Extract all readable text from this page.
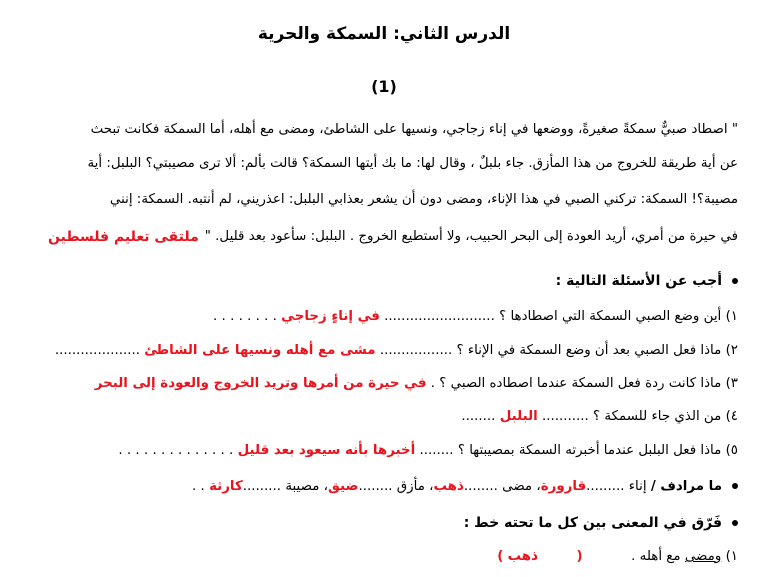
الدرس الثاني: السمكة والحرية
(1)
" اصطاد صبيٌّ سمكةً صغيرةً، ووضعها في إناء زجاجي، ونسيها على الشاطئ، ومضى مع أهله، أما السمكة فكانت تبحث
عن أية طريقة للخروج من هذا المأزق. جاء بلبلٌ ، وقال لها: ما بك أيتها السمكة؟ قالت بألم: ألا ترى مصيبتي؟ البلبل: أية
مصيبة؟! السمكة: تركني الصبي في هذا الإناء، ومضى دون أن يشعر بعذابي البلبل: اعذريني، لم أنتبه. السمكة: إنني
في حيرة من أمري، أريد العودة إلى البحر الحبيب، ولا أستطيع الخروج . البلبل: سأعود بعد قليل. "
ملتقى تعليم فلسطين
أجب عن الأسئلة التالية :
١) أين وضع الصبي السمكة التي اصطادها ؟ .......................... في إناءٍ زجاجي . . . . . . . .
٢) ماذا فعل الصبي بعد أن وضع السمكة في الإناء ؟ ................. مشى مع أهله ونسيها على الشاطئ ....................
٣) ماذا كانت ردة فعل السمكة عندما اصطاده الصبي ؟ . في حيرة من أمرها وتريد الخروج والعودة إلى البحر
٤) من الذي جاء للسمكة ؟ ........... البلبل ........
٥) ماذا فعل البلبل عندما أخبرته السمكة بمصيبتها ؟ ........ أخبرها بأنه سيعود بعد قليل . . . . . . . . . . . . . .
ما مرادف / إناء .........قارورة، مضى ........ذهب، مأزق ........ضيق، مصيبة .........كارثة . .
فَرّق في المعنى بين كل ما تحته خط :
١) ومضى مع أهله .  (  ذهب )
